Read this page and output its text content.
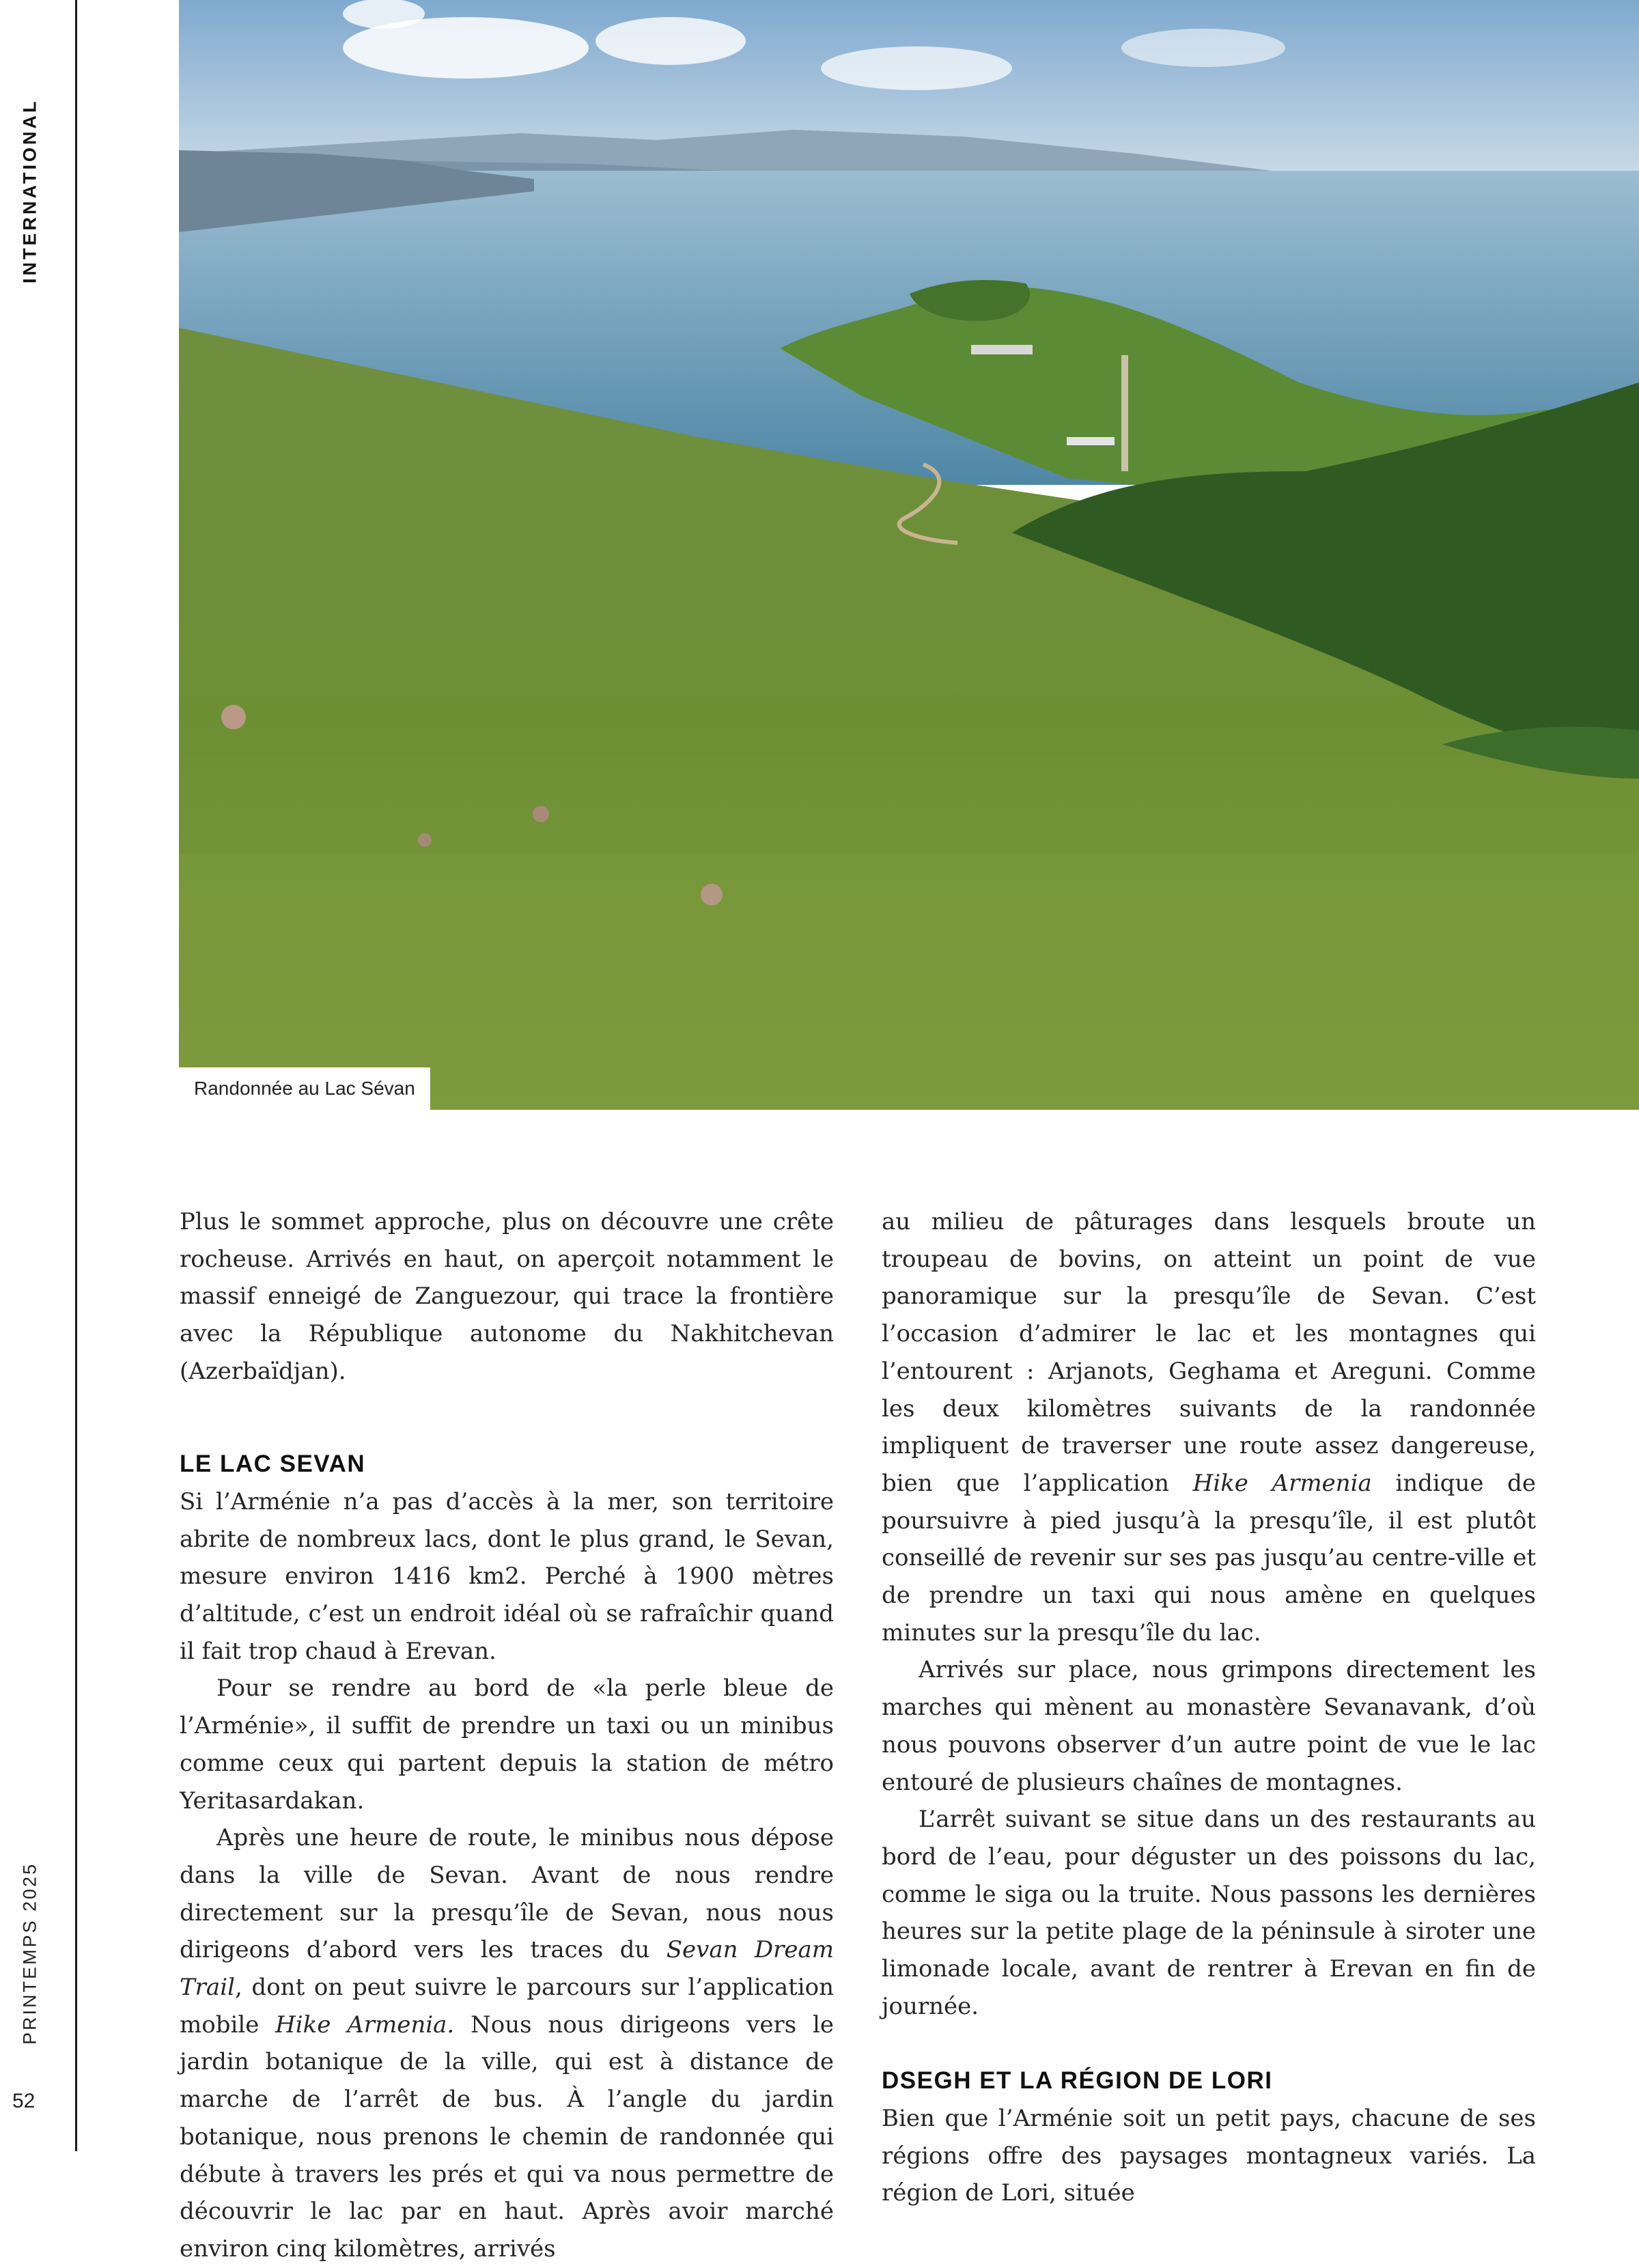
INTERNATIONAL
PRINTEMPS 2025
52
Randonnée au Lac Sévan

Plus le sommet approche, plus on découvre une crête rocheuse. Arrivés en haut, on aperçoit notamment le massif enneigé de Zanguezour, qui trace la frontière avec la République autonome du Nakhitchevan (Azerbaïdjan).

LE LAC SEVAN

Si l’Arménie n’a pas d’accès à la mer, son territoire abrite de nombreux lacs, dont le plus grand, le Sevan, mesure environ 1416 km2. Perché à 1900 mètres d’altitude, c’est un endroit idéal où se rafraîchir quand il fait trop chaud à Erevan.

Pour se rendre au bord de «la perle bleue de l’Arménie», il suffit de prendre un taxi ou un minibus comme ceux qui partent depuis la station de métro Yeritasardakan.

Après une heure de route, le minibus nous dépose dans la ville de Sevan. Avant de nous rendre directement sur la presqu’île de Sevan, nous nous dirigeons d’abord vers les traces du Sevan Dream Trail, dont on peut suivre le parcours sur l’application mobile Hike Armenia. Nous nous dirigeons vers le jardin botanique de la ville, qui est à distance de marche de l’arrêt de bus. À l’angle du jardin botanique, nous prenons le chemin de randonnée qui débute à travers les prés et qui va nous permettre de découvrir le lac par en haut. Après avoir marché environ cinq kilomètres, arrivés

au milieu de pâturages dans lesquels broute un troupeau de bovins, on atteint un point de vue panoramique sur la presqu’île de Sevan. C’est l’occasion d’admirer le lac et les montagnes qui l’entourent : Arjanots, Geghama et Areguni. Comme les deux kilomètres suivants de la randonnée impliquent de traverser une route assez dangereuse, bien que l’application Hike Armenia indique de poursuivre à pied jusqu’à la presqu’île, il est plutôt conseillé de revenir sur ses pas jusqu’au centre-ville et de prendre un taxi qui nous amène en quelques minutes sur la presqu’île du lac.

Arrivés sur place, nous grimpons directement les marches qui mènent au monastère Sevanavank, d’où nous pouvons observer d’un autre point de vue le lac entouré de plusieurs chaînes de montagnes.

L’arrêt suivant se situe dans un des restaurants au bord de l’eau, pour déguster un des poissons du lac, comme le siga ou la truite. Nous passons les dernières heures sur la petite plage de la péninsule à siroter une limonade locale, avant de rentrer à Erevan en fin de journée.

DSEGH ET LA RÉGION DE LORI

Bien que l’Arménie soit un petit pays, chacune de ses régions offre des paysages montagneux variés. La région de Lori, située
